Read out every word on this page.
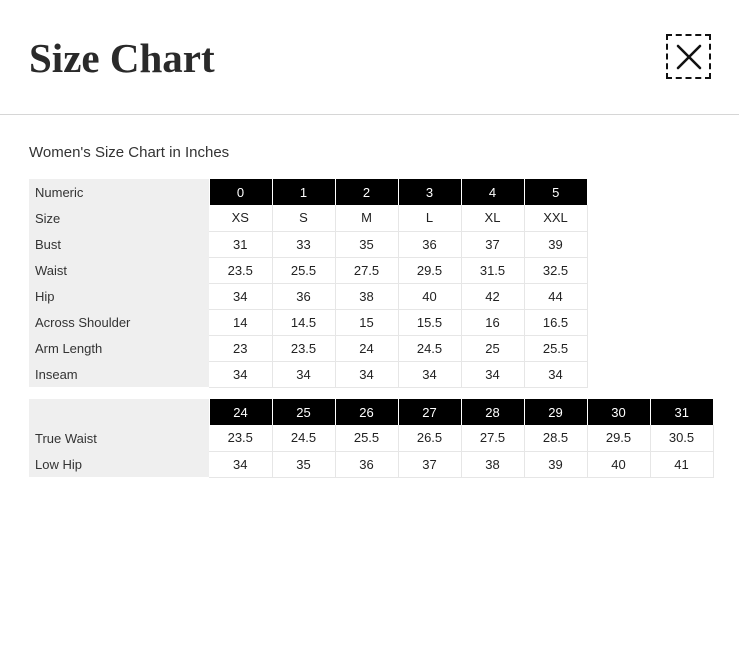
Size Chart

Women's Size Chart in Inches

Numeric	0	1	2	3	4	5
Size	XS	S	M	L	XL	XXL
Bust	31	33	35	36	37	39
Waist	23.5	25.5	27.5	29.5	31.5	32.5
Hip	34	36	38	40	42	44
Across Shoulder	14	14.5	15	15.5	16	16.5
Arm Length	23	23.5	24	24.5	25	25.5
Inseam	34	34	34	34	34	34
	24	25	26	27	28	29	30	31
True Waist	23.5	24.5	25.5	26.5	27.5	28.5	29.5	30.5
Low Hip	34	35	36	37	38	39	40	41
